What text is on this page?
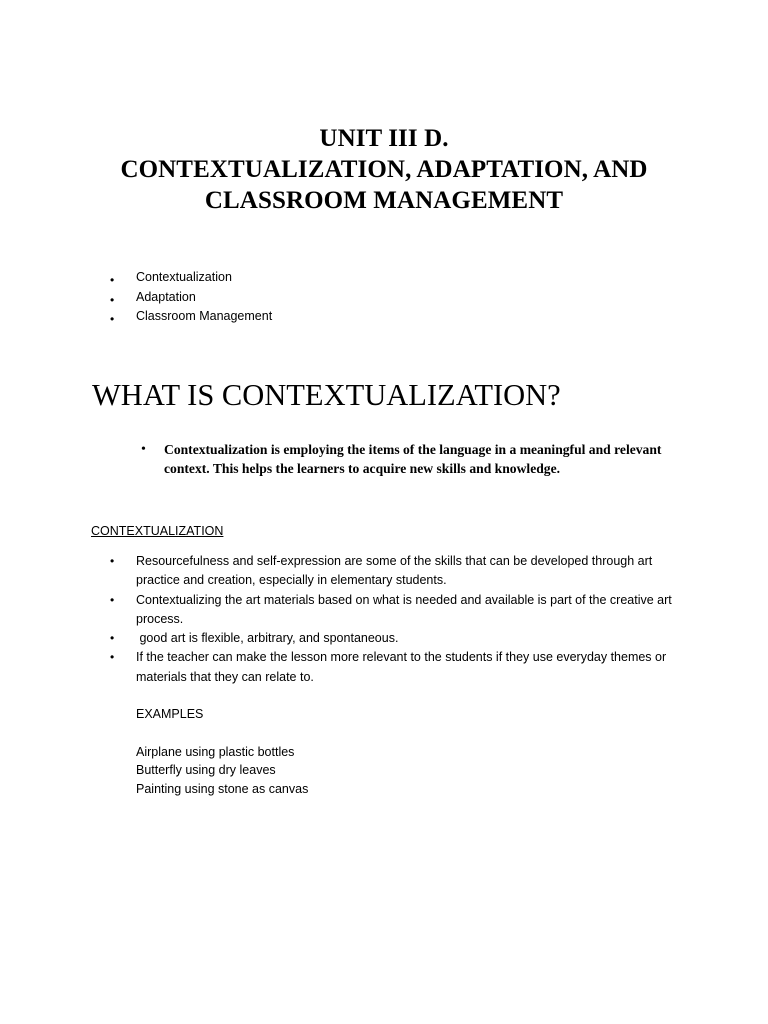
UNIT III D.
CONTEXTUALIZATION, ADAPTATION, AND
CLASSROOM MANAGEMENT
• Contextualization
• Adaptation
• Classroom Management
WHAT IS CONTEXTUALIZATION?
• Contextualization is employing the items of the language in a meaningful and relevant context. This helps the learners to acquire new skills and knowledge.
CONTEXTUALIZATION
• Resourcefulness and self-expression are some of the skills that can be developed through art practice and creation, especially in elementary students.
• Contextualizing the art materials based on what is needed and available is part of the creative art process.
• good art is flexible, arbitrary, and spontaneous.
• If the teacher can make the lesson more relevant to the students if they use everyday themes or materials that they can relate to.
EXAMPLES
Airplane using plastic bottles
Butterfly using dry leaves
Painting using stone as canvas
